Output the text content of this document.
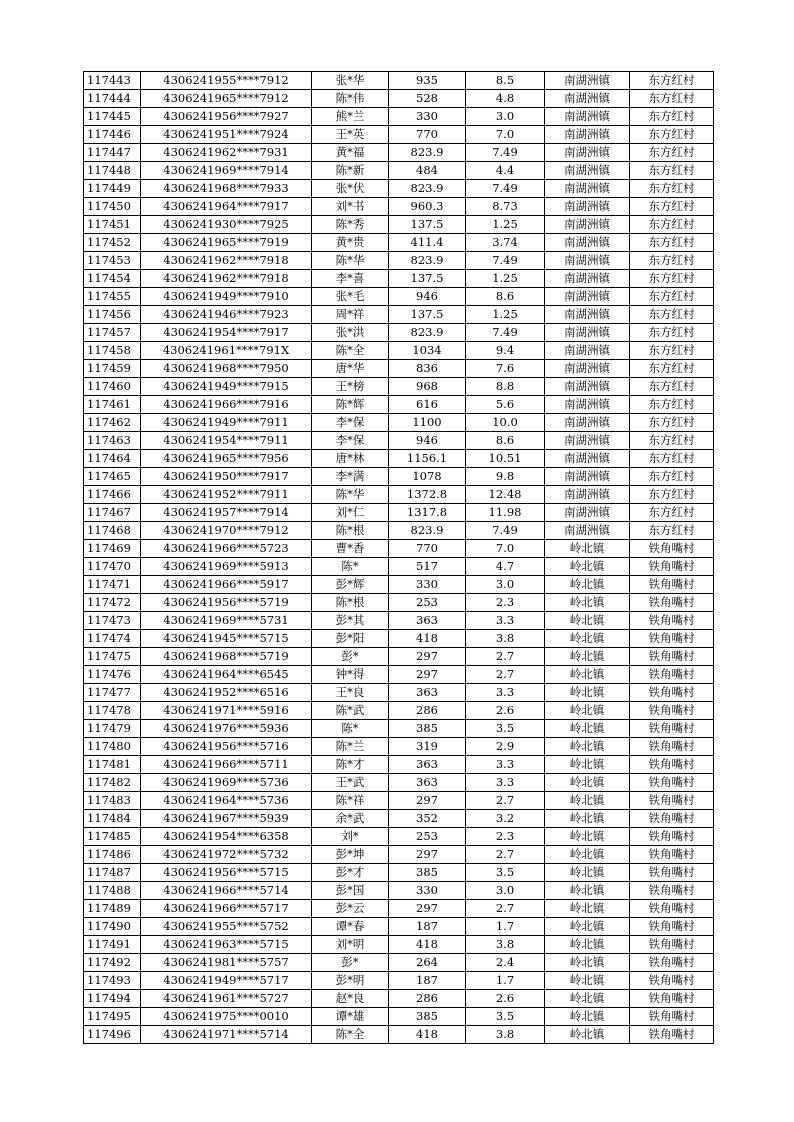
117443	4306241955****7912	张*华	935	8.5	南湖洲镇	东方红村
117444	4306241965****7912	陈*伟	528	4.8	南湖洲镇	东方红村
117445	4306241956****7927	熊*兰	330	3.0	南湖洲镇	东方红村
117446	4306241951****7924	王*英	770	7.0	南湖洲镇	东方红村
117447	4306241962****7931	黄*福	823.9	7.49	南湖洲镇	东方红村
117448	4306241969****7914	陈*新	484	4.4	南湖洲镇	东方红村
117449	4306241968****7933	张*伏	823.9	7.49	南湖洲镇	东方红村
117450	4306241964****7917	刘*书	960.3	8.73	南湖洲镇	东方红村
117451	4306241930****7925	陈*秀	137.5	1.25	南湖洲镇	东方红村
117452	4306241965****7919	黄*贵	411.4	3.74	南湖洲镇	东方红村
117453	4306241962****7918	陈*华	823.9	7.49	南湖洲镇	东方红村
117454	4306241962****7918	李*喜	137.5	1.25	南湖洲镇	东方红村
117455	4306241949****7910	张*毛	946	8.6	南湖洲镇	东方红村
117456	4306241946****7923	周*祥	137.5	1.25	南湖洲镇	东方红村
117457	4306241954****7917	张*洪	823.9	7.49	南湖洲镇	东方红村
117458	4306241961****791X	陈*全	1034	9.4	南湖洲镇	东方红村
117459	4306241968****7950	唐*华	836	7.6	南湖洲镇	东方红村
117460	4306241949****7915	王*榜	968	8.8	南湖洲镇	东方红村
117461	4306241966****7916	陈*辉	616	5.6	南湖洲镇	东方红村
117462	4306241949****7911	李*保	1100	10.0	南湖洲镇	东方红村
117463	4306241954****7911	李*保	946	8.6	南湖洲镇	东方红村
117464	4306241965****7956	唐*林	1156.1	10.51	南湖洲镇	东方红村
117465	4306241950****7917	李*满	1078	9.8	南湖洲镇	东方红村
117466	4306241952****7911	陈*华	1372.8	12.48	南湖洲镇	东方红村
117467	4306241957****7914	刘*仁	1317.8	11.98	南湖洲镇	东方红村
117468	4306241970****7912	陈*根	823.9	7.49	南湖洲镇	东方红村
117469	4306241966****5723	曹*香	770	7.0	岭北镇	铁角嘴村
117470	4306241969****5913	陈*	517	4.7	岭北镇	铁角嘴村
117471	4306241966****5917	彭*辉	330	3.0	岭北镇	铁角嘴村
117472	4306241956****5719	陈*根	253	2.3	岭北镇	铁角嘴村
117473	4306241969****5731	彭*其	363	3.3	岭北镇	铁角嘴村
117474	4306241945****5715	彭*阳	418	3.8	岭北镇	铁角嘴村
117475	4306241968****5719	彭*	297	2.7	岭北镇	铁角嘴村
117476	4306241964****6545	钟*得	297	2.7	岭北镇	铁角嘴村
117477	4306241952****6516	王*良	363	3.3	岭北镇	铁角嘴村
117478	4306241971****5916	陈*武	286	2.6	岭北镇	铁角嘴村
117479	4306241976****5936	陈*	385	3.5	岭北镇	铁角嘴村
117480	4306241956****5716	陈*兰	319	2.9	岭北镇	铁角嘴村
117481	4306241966****5711	陈*才	363	3.3	岭北镇	铁角嘴村
117482	4306241969****5736	王*武	363	3.3	岭北镇	铁角嘴村
117483	4306241964****5736	陈*祥	297	2.7	岭北镇	铁角嘴村
117484	4306241967****5939	余*武	352	3.2	岭北镇	铁角嘴村
117485	4306241954****6358	刘*	253	2.3	岭北镇	铁角嘴村
117486	4306241972****5732	彭*坤	297	2.7	岭北镇	铁角嘴村
117487	4306241956****5715	彭*才	385	3.5	岭北镇	铁角嘴村
117488	4306241966****5714	彭*国	330	3.0	岭北镇	铁角嘴村
117489	4306241966****5717	彭*云	297	2.7	岭北镇	铁角嘴村
117490	4306241955****5752	谭*春	187	1.7	岭北镇	铁角嘴村
117491	4306241963****5715	刘*明	418	3.8	岭北镇	铁角嘴村
117492	4306241981****5757	彭*	264	2.4	岭北镇	铁角嘴村
117493	4306241949****5717	彭*明	187	1.7	岭北镇	铁角嘴村
117494	4306241961****5727	赵*良	286	2.6	岭北镇	铁角嘴村
117495	4306241975****0010	谭*雄	385	3.5	岭北镇	铁角嘴村
117496	4306241971****5714	陈*全	418	3.8	岭北镇	铁角嘴村
